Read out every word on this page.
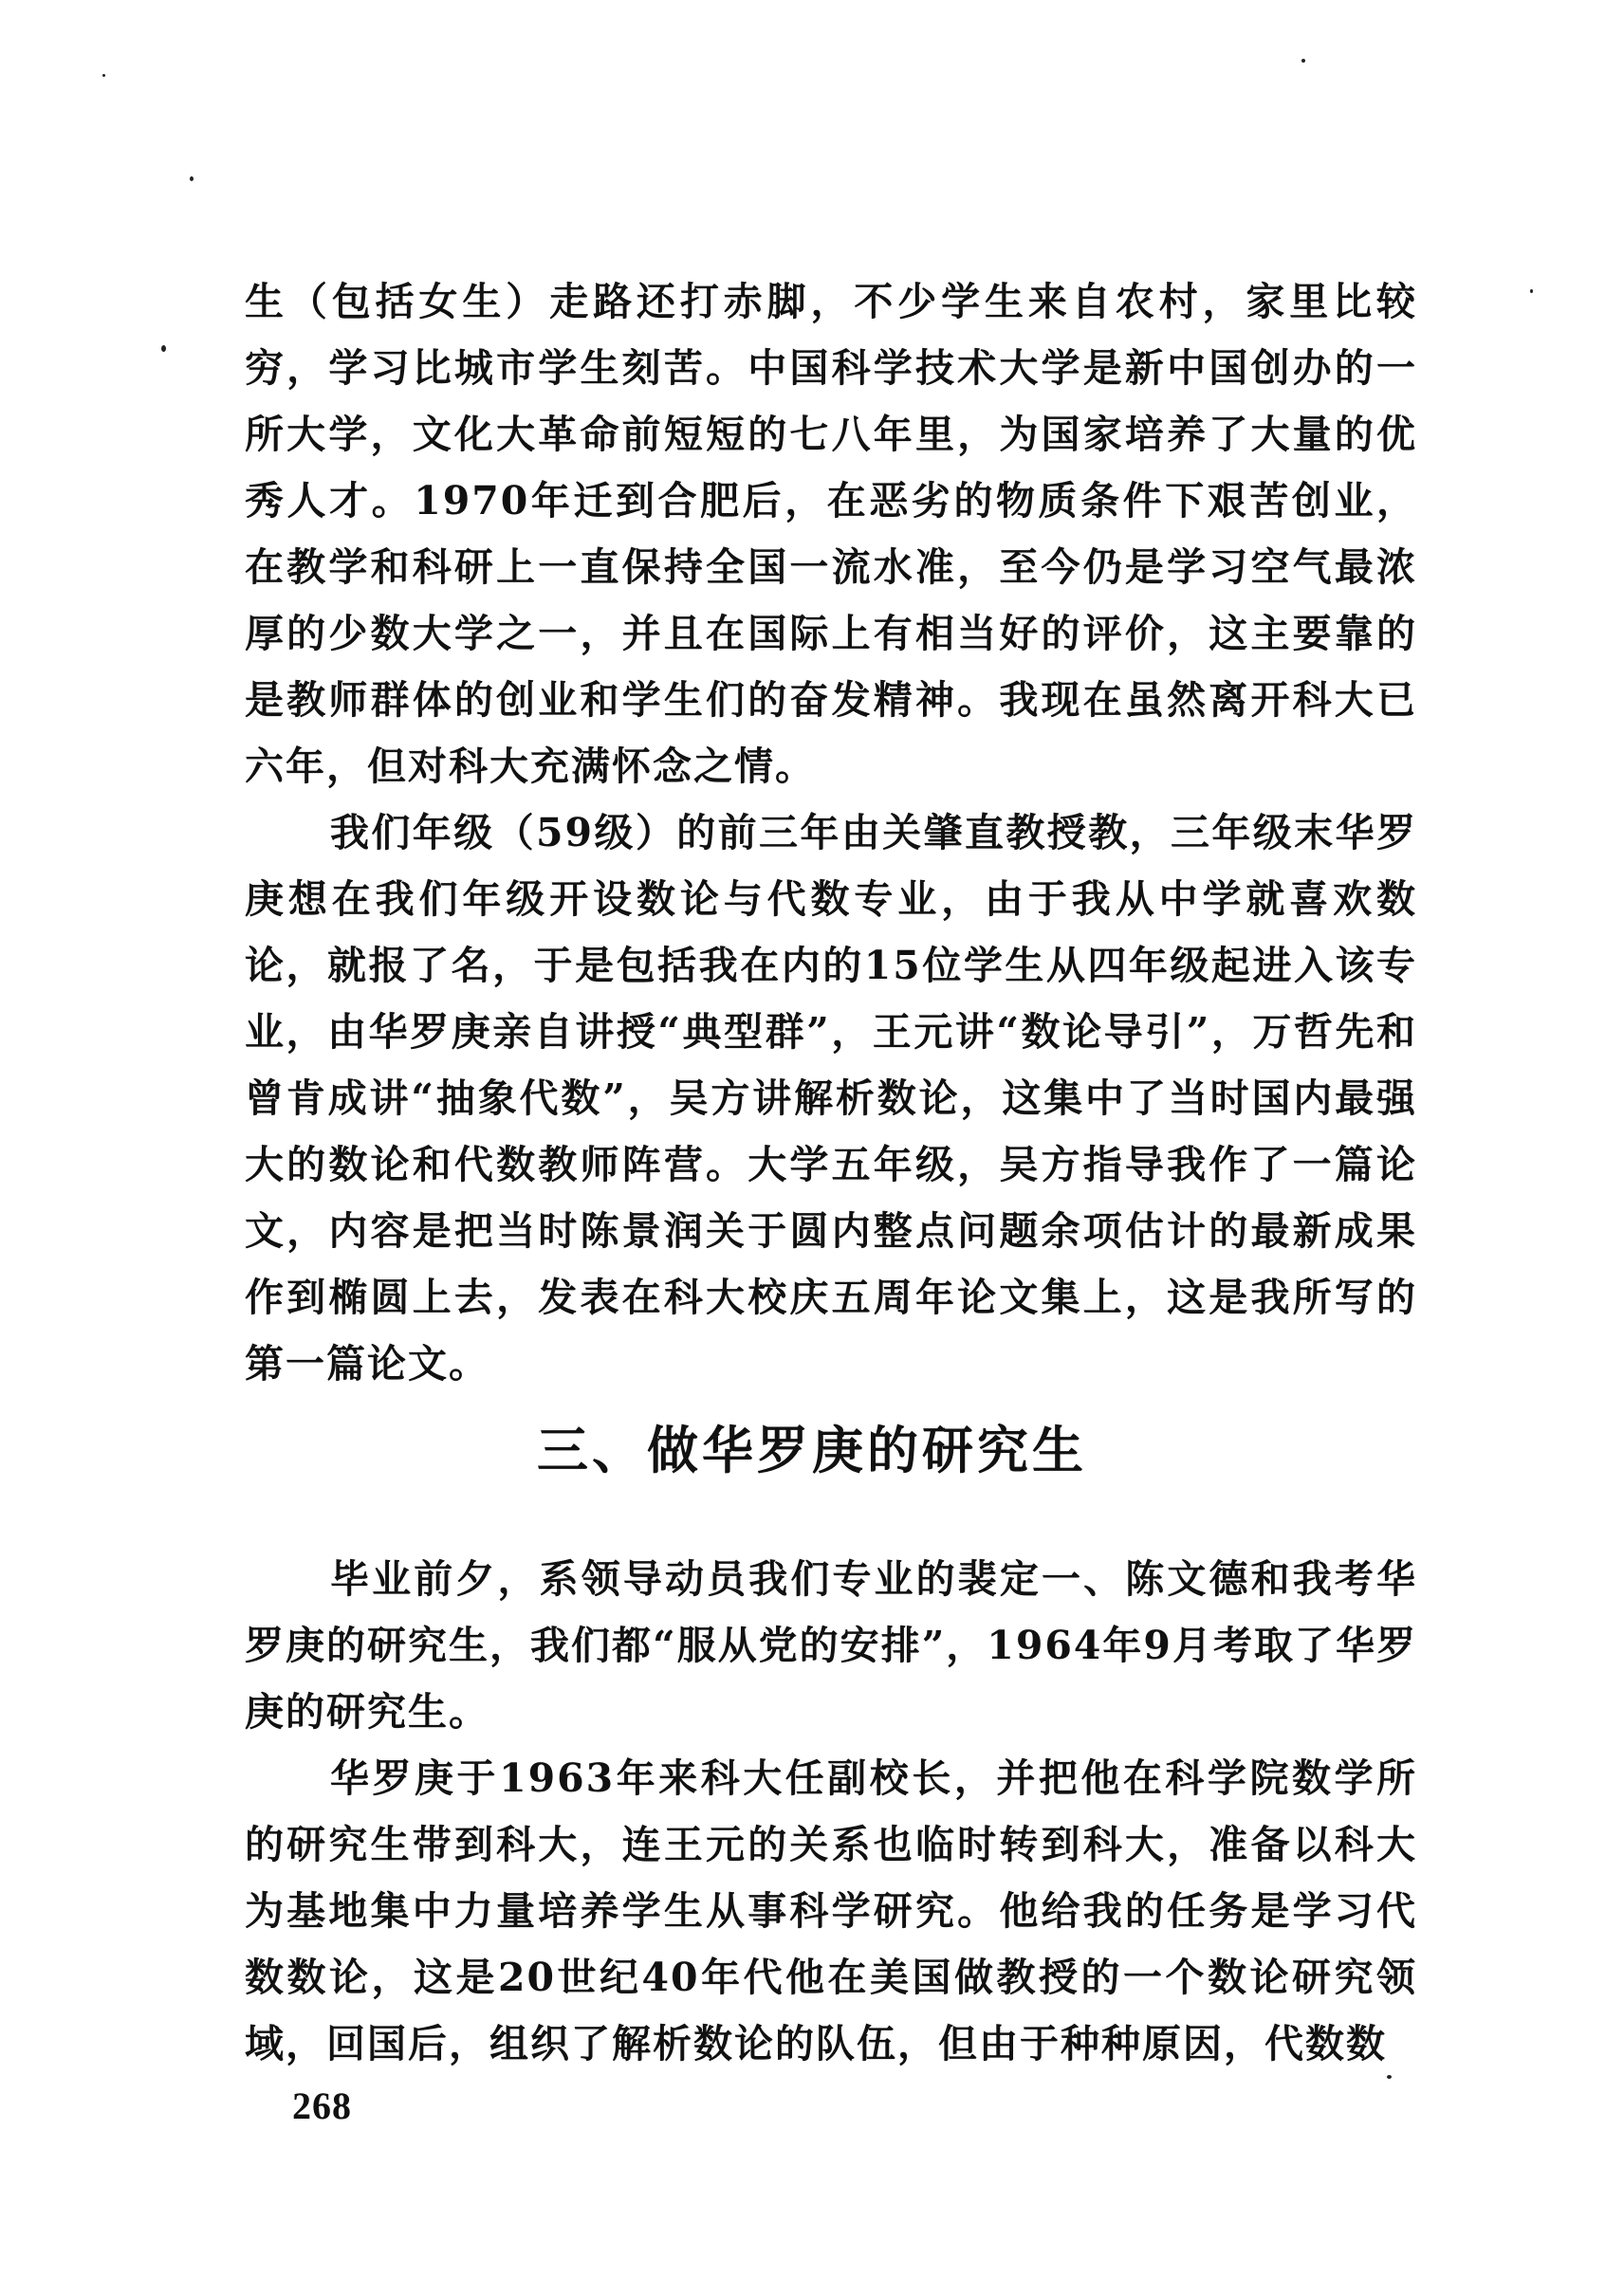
生（包括女生）走路还打赤脚，不少学生来自农村，家里比较穷，学习比城市学生刻苦。中国科学技术大学是新中国创办的一所大学，文化大革命前短短的七八年里，为国家培养了大量的优秀人才。1970年迁到合肥后，在恶劣的物质条件下艰苦创业，在教学和科研上一直保持全国一流水准，至今仍是学习空气最浓厚的少数大学之一，并且在国际上有相当好的评价，这主要靠的是教师群体的创业和学生们的奋发精神。我现在虽然离开科大已六年，但对科大充满怀念之情。

我们年级（59级）的前三年由关肇直教授教，三年级末华罗庚想在我们年级开设数论与代数专业，由于我从中学就喜欢数论，就报了名，于是包括我在内的15位学生从四年级起进入该专业，由华罗庚亲自讲授“典型群”，王元讲“数论导引”，万哲先和曾肯成讲“抽象代数”，吴方讲解析数论，这集中了当时国内最强大的数论和代数教师阵营。大学五年级，吴方指导我作了一篇论文，内容是把当时陈景润关于圆内整点问题余项估计的最新成果作到椭圆上去，发表在科大校庆五周年论文集上，这是我所写的第一篇论文。

三、做华罗庚的研究生

毕业前夕，系领导动员我们专业的裴定一、陈文德和我考华罗庚的研究生，我们都“服从党的安排”，1964年9月考取了华罗庚的研究生。

华罗庚于1963年来科大任副校长，并把他在科学院数学所的研究生带到科大，连王元的关系也临时转到科大，准备以科大为基地集中力量培养学生从事科学研究。他给我的任务是学习代数数论，这是20世纪40年代他在美国做教授的一个数论研究领域，回国后，组织了解析数论的队伍，但由于种种原因，代数数

268
